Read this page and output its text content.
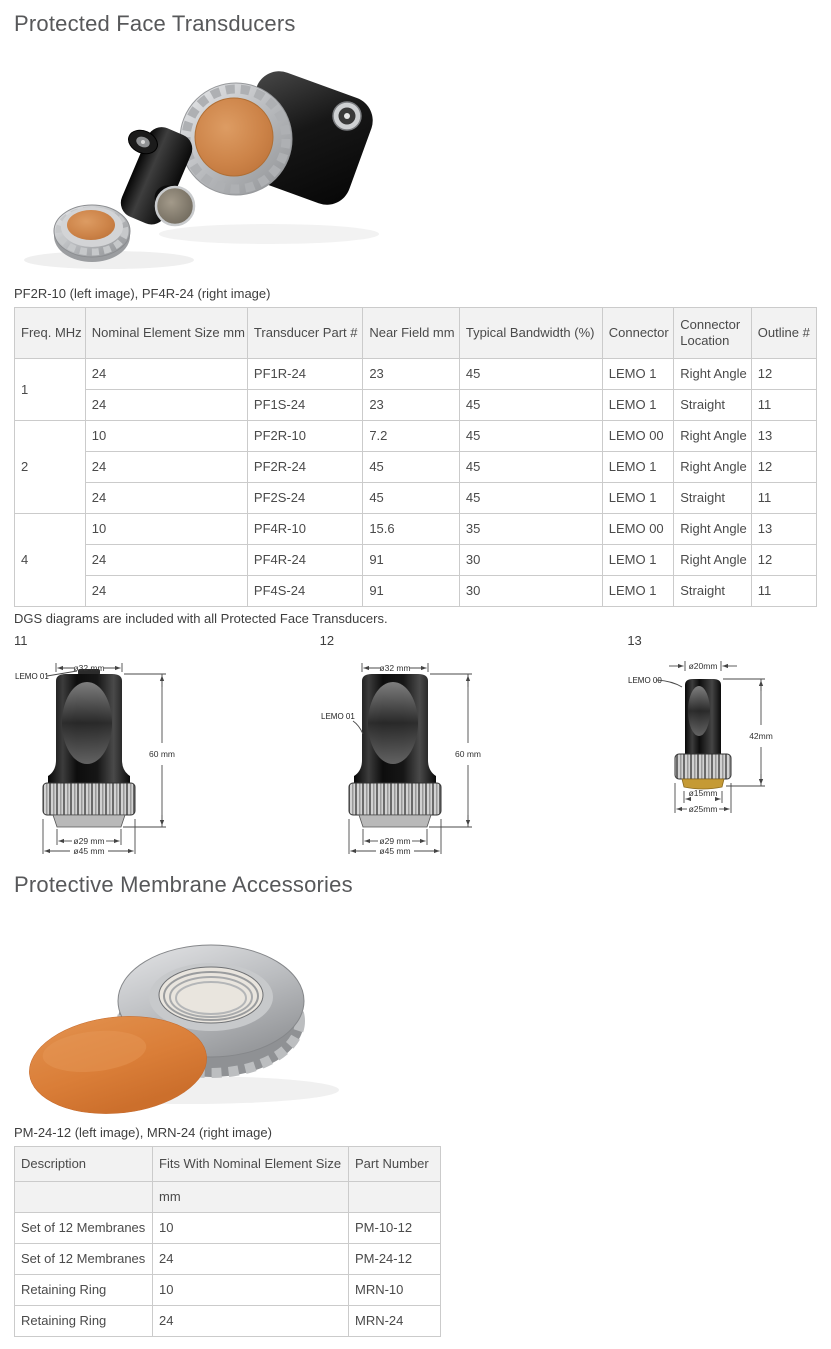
Protected Face Transducers
PF2R-10 (left image), PF4R-24 (right image)
Freq. MHz	Nominal Element Size mm	Transducer Part #	Near Field mm	Typical Bandwidth (%)	Connector	Connector Location	Outline #
1	24	PF1R-24	23	45	LEMO 1	Right Angle	12
	24	PF1S-24	23	45	LEMO 1	Straight	11
2	10	PF2R-10	7.2	45	LEMO 00	Right Angle	13
	24	PF2R-24	45	45	LEMO 1	Right Angle	12
	24	PF2S-24	45	45	LEMO 1	Straight	11
4	10	PF4R-10	15.6	35	LEMO 00	Right Angle	13
	24	PF4R-24	91	30	LEMO 1	Right Angle	12
	24	PF4S-24	91	30	LEMO 1	Straight	11
DGS diagrams are included with all Protected Face Transducers.
11
ø32 mm
LEMO 01
60 mm
ø29 mm
ø45 mm
12
ø32 mm
LEMO 01
60 mm
ø29 mm
ø45 mm
13
ø20mm
LEMO 00
42mm
ø15mm
ø25mm
Protective Membrane Accessories
PM-24-12 (left image), MRN-24 (right image)
Description	Fits With Nominal Element Size	Part Number
	mm	
Set of 12 Membranes	10	PM-10-12
Set of 12 Membranes	24	PM-24-12
Retaining Ring	10	MRN-10
Retaining Ring	24	MRN-24
